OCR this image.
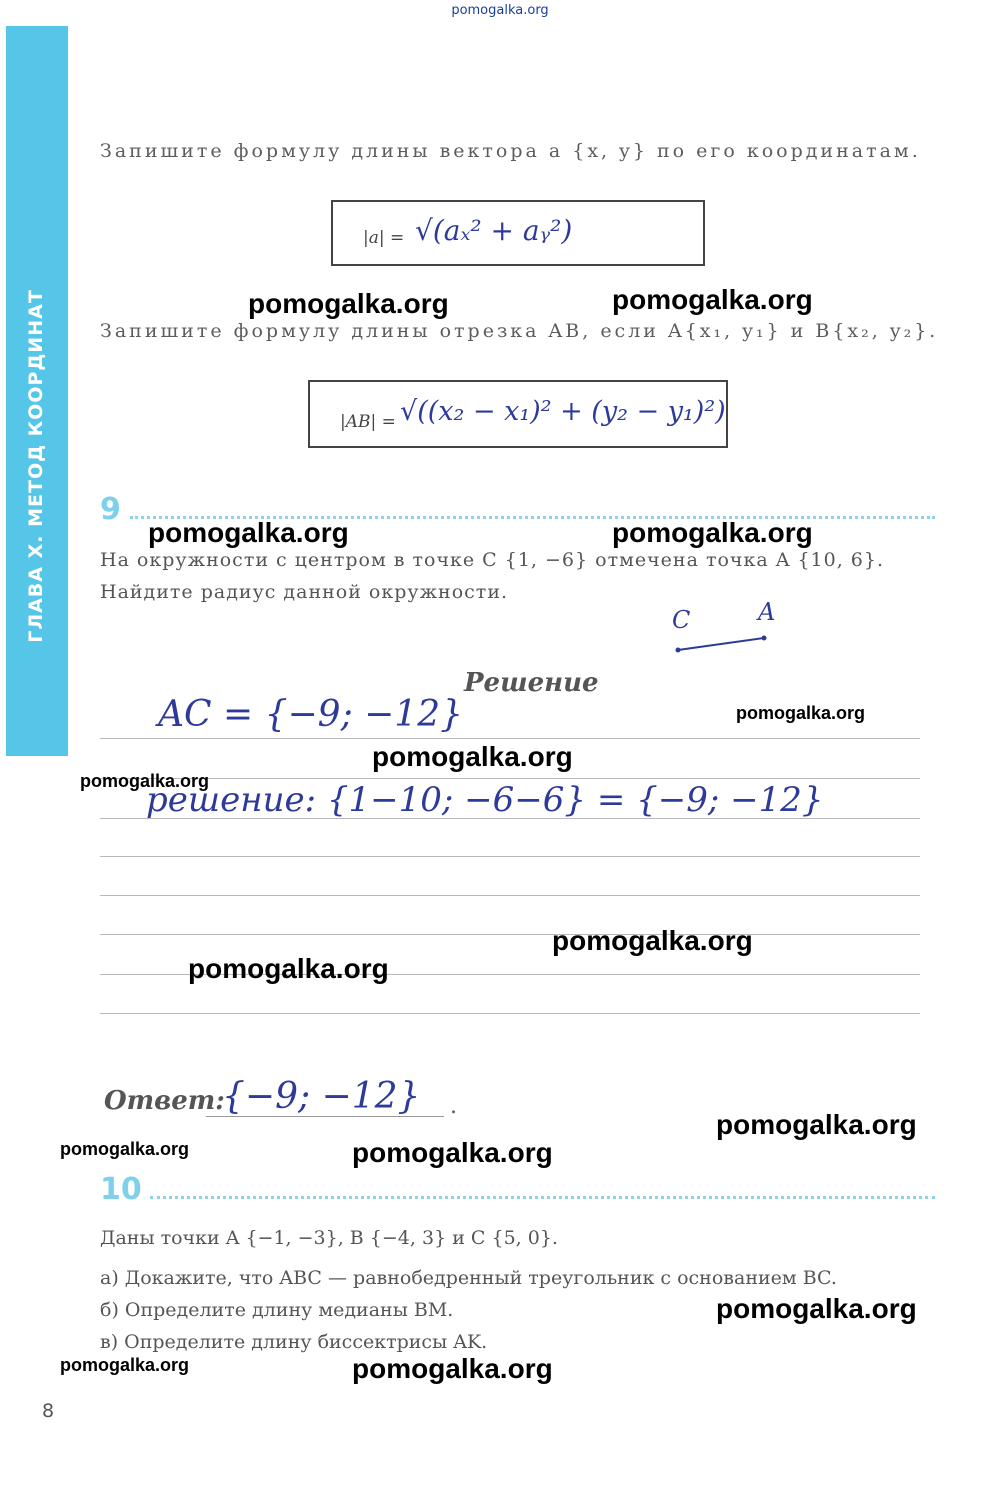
pomogalka.org
ГЛАВА X. МЕТОД КООРДИНАТ
Запишите формулу длины вектора a {x, y} по его координатам.
|a| = √(aₓ² + aᵧ²)
Запишите формулу длины отрезка AB, если A{x₁, y₁} и B{x₂, y₂}.
|AB| = √((x₂ − x₁)² + (y₂ − y₁)²)
9
На окружности с центром в точке C {1, −6} отмечена точка A {10, 6}.
Найдите радиус данной окружности.
C	A
Решение
AC = {−9; −12}
решение: {1−10; −6−6} = {−9; −12}
Ответ:
{−9; −12} .
10
Даны точки A {−1, −3}, B {−4, 3} и C {5, 0}.
а) Докажите, что ABC — равнобедренный треугольник с основанием BC.
б) Определите длину медианы BM.
в) Определите длину биссектрисы AK.
8
pomogalka.org	pomogalka.org
pomogalka.org	pomogalka.org
pomogalka.org
pomogalka.org
pomogalka.org
pomogalka.org
pomogalka.org
pomogalka.org
pomogalka.org	pomogalka.org
pomogalka.org
pomogalka.org	pomogalka.org
